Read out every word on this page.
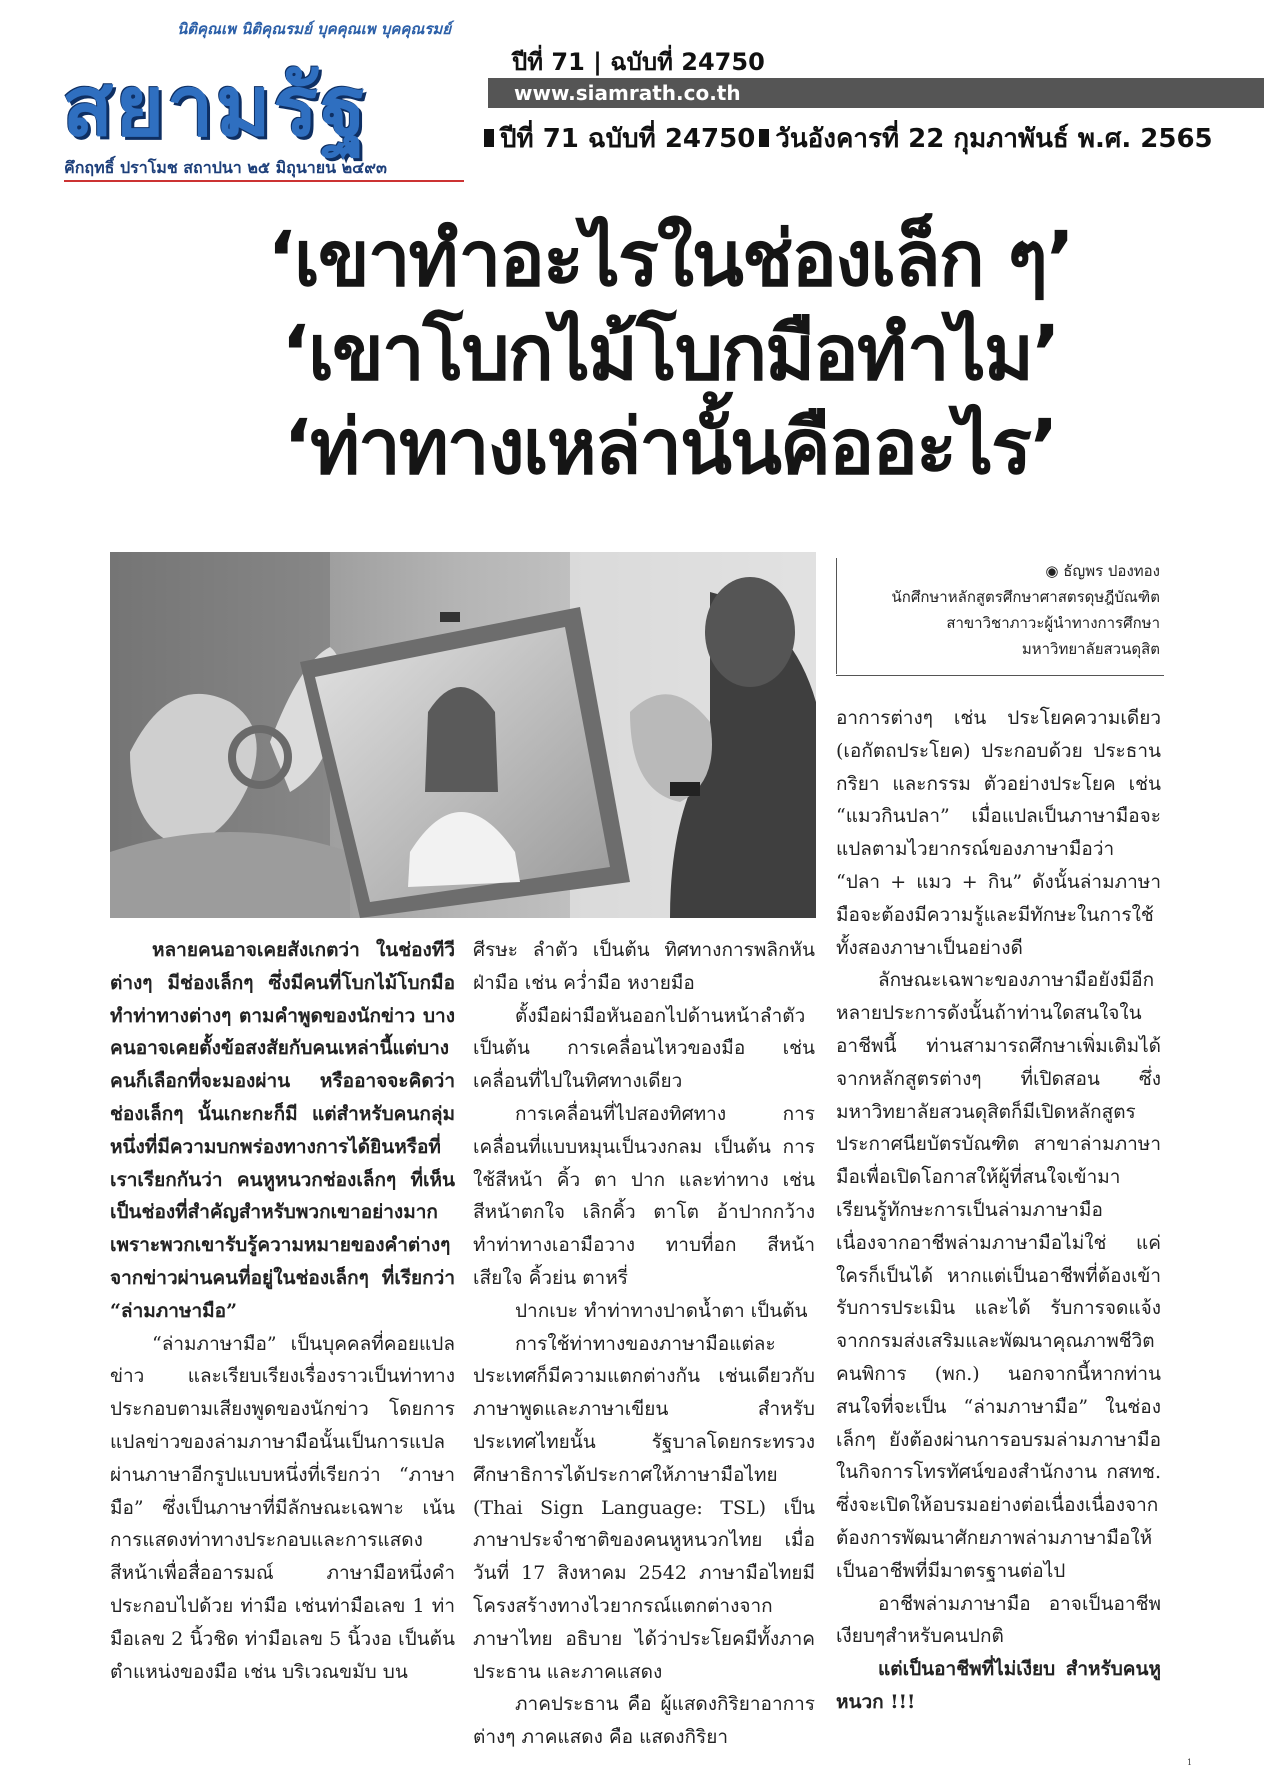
นิติคุณเพ นิติคุณรมย์ บุคคุณเพ บุคคุณรมย์
สยามรัฐ
คึกฤทธิ์ ปราโมช สถาปนา ๒๕ มิถุนายน ๒๔๙๓
ปีที่ 71 | ฉบับที่ 24750
www.siamrath.co.th
ปีที่ 71 ฉบับที่ 24750 วันอังคารที่ 22 กุมภาพันธ์ พ.ศ. 2565
‘เขาทำอะไรในช่องเล็ก ๆ’
‘เขาโบกไม้โบกมือทำไม’
‘ท่าทางเหล่านั้นคืออะไร’
◉ ธัญพร ปองทอง
นักศึกษาหลักสูตรศึกษาศาสตรดุษฎีบัณฑิต
สาขาวิชาภาวะผู้นำทางการศึกษา
มหาวิทยาลัยสวนดุสิต

หลายคนอาจเคยสังเกตว่า ในช่องทีวีต่างๆ มีช่องเล็กๆ ซึ่งมีคนที่โบกไม้โบกมือ ทำท่าทางต่างๆ ตามคำพูดของนักข่าว บางคนอาจเคยตั้งข้อสงสัยกับคนเหล่านี้แต่บางคนก็เลือกที่จะมองผ่าน หรืออาจจะคิดว่าช่องเล็กๆ นั้นเกะกะก็มี แต่สำหรับคนกลุ่มหนึ่งที่มีความบกพร่องทางการได้ยินหรือที่เราเรียกกันว่า คนหูหนวกช่องเล็กๆ ที่เห็นเป็นช่องที่สำคัญสำหรับพวกเขาอย่างมาก เพราะพวกเขารับรู้ความหมายของคำต่างๆ จากข่าวผ่านคนที่อยู่ในช่องเล็กๆ ที่เรียกว่า “ล่ามภาษามือ”

“ล่ามภาษามือ” เป็นบุคคลที่คอยแปลข่าว และเรียบเรียงเรื่องราวเป็นท่าทางประกอบตามเสียงพูดของนักข่าว โดยการแปลข่าวของล่ามภาษามือนั้นเป็นการแปลผ่านภาษาอีกรูปแบบหนึ่งที่เรียกว่า “ภาษามือ” ซึ่งเป็นภาษาที่มีลักษณะเฉพาะ เน้นการแสดงท่าทางประกอบและการแสดงสีหน้าเพื่อสื่ออารมณ์ ภาษามือหนึ่งคำประกอบไปด้วย ท่ามือ เช่นท่ามือเลข 1 ท่ามือเลข 2 นิ้วชิด ท่ามือเลข 5 นิ้วงอ เป็นต้น ตำแหน่งของมือ เช่น บริเวณขมับ บน

ศีรษะ ลำตัว เป็นต้น ทิศทางการพลิกหันฝ่ามือ เช่น คว่ำมือ หงายมือ

ตั้งมือผ่ามือหันออกไปด้านหน้าลำตัว เป็นต้น การเคลื่อนไหวของมือ เช่น เคลื่อนที่ไปในทิศทางเดียว

การเคลื่อนที่ไปสองทิศทาง การเคลื่อนที่แบบหมุนเป็นวงกลม เป็นต้น การใช้สีหน้า คิ้ว ตา ปาก และท่าทาง เช่น สีหน้าตกใจ เลิกคิ้ว ตาโต อ้าปากกว้าง ทำท่าทางเอามือวาง ทาบที่อก สีหน้าเสียใจ คิ้วย่น ตาหรี่

ปากเบะ ทำท่าทางปาดน้ำตา เป็นต้น

การใช้ท่าทางของภาษามือแต่ละประเทศก็มีความแตกต่างกัน เช่นเดียวกับภาษาพูดและภาษาเขียน สำหรับประเทศไทยนั้น รัฐบาลโดยกระทรวงศึกษาธิการได้ประกาศให้ภาษามือไทย (Thai Sign Language: TSL) เป็นภาษาประจำชาติของคนหูหนวกไทย เมื่อวันที่ 17 สิงหาคม 2542 ภาษามือไทยมีโครงสร้างทางไวยากรณ์แตกต่างจากภาษาไทย อธิบาย ได้ว่าประโยคมีทั้งภาคประธาน และภาคแสดง

ภาคประธาน คือ ผู้แสดงกิริยาอาการต่างๆ ภาคแสดง คือ แสดงกิริยา

อาการต่างๆ เช่น ประโยคความเดียว (เอกัตถประโยค) ประกอบด้วย ประธาน กริยา และกรรม ตัวอย่างประโยค เช่น “แมวกินปลา” เมื่อแปลเป็นภาษามือจะแปลตามไวยากรณ์ของภาษามือว่า “ปลา + แมว + กิน” ดังนั้นล่ามภาษามือจะต้องมีความรู้และมีทักษะในการใช้ทั้งสองภาษาเป็นอย่างดี

ลักษณะเฉพาะของภาษามือยังมีอีกหลายประการดังนั้นถ้าท่านใดสนใจในอาชีพนี้ ท่านสามารถศึกษาเพิ่มเติมได้จากหลักสูตรต่างๆ ที่เปิดสอน ซึ่งมหาวิทยาลัยสวนดุสิตก็มีเปิดหลักสูตรประกาศนียบัตรบัณฑิต สาขาล่ามภาษามือเพื่อเปิดโอกาสให้ผู้ที่สนใจเข้ามาเรียนรู้ทักษะการเป็นล่ามภาษามือ เนื่องจากอาชีพล่ามภาษามือไม่ใช่ แค่ใครก็เป็นได้ หากแต่เป็นอาชีพที่ต้องเข้ารับการประเมิน และได้ รับการจดแจ้งจากกรมส่งเสริมและพัฒนาคุณภาพชีวิต คนพิการ (พก.) นอกจากนี้หากท่านสนใจที่จะเป็น “ล่ามภาษามือ” ในช่องเล็กๆ ยังต้องผ่านการอบรมล่ามภาษามือในกิจการโทรทัศน์ของสำนักงาน กสทช. ซึ่งจะเปิดให้อบรมอย่างต่อเนื่องเนื่องจากต้องการพัฒนาศักยภาพล่ามภาษามือให้เป็นอาชีพที่มีมาตรฐานต่อไป

อาชีพล่ามภาษามือ อาจเป็นอาชีพเงียบๆสำหรับคนปกติ

แต่เป็นอาชีพที่ไม่เงียบ สำหรับคนหูหนวก !!!

1
